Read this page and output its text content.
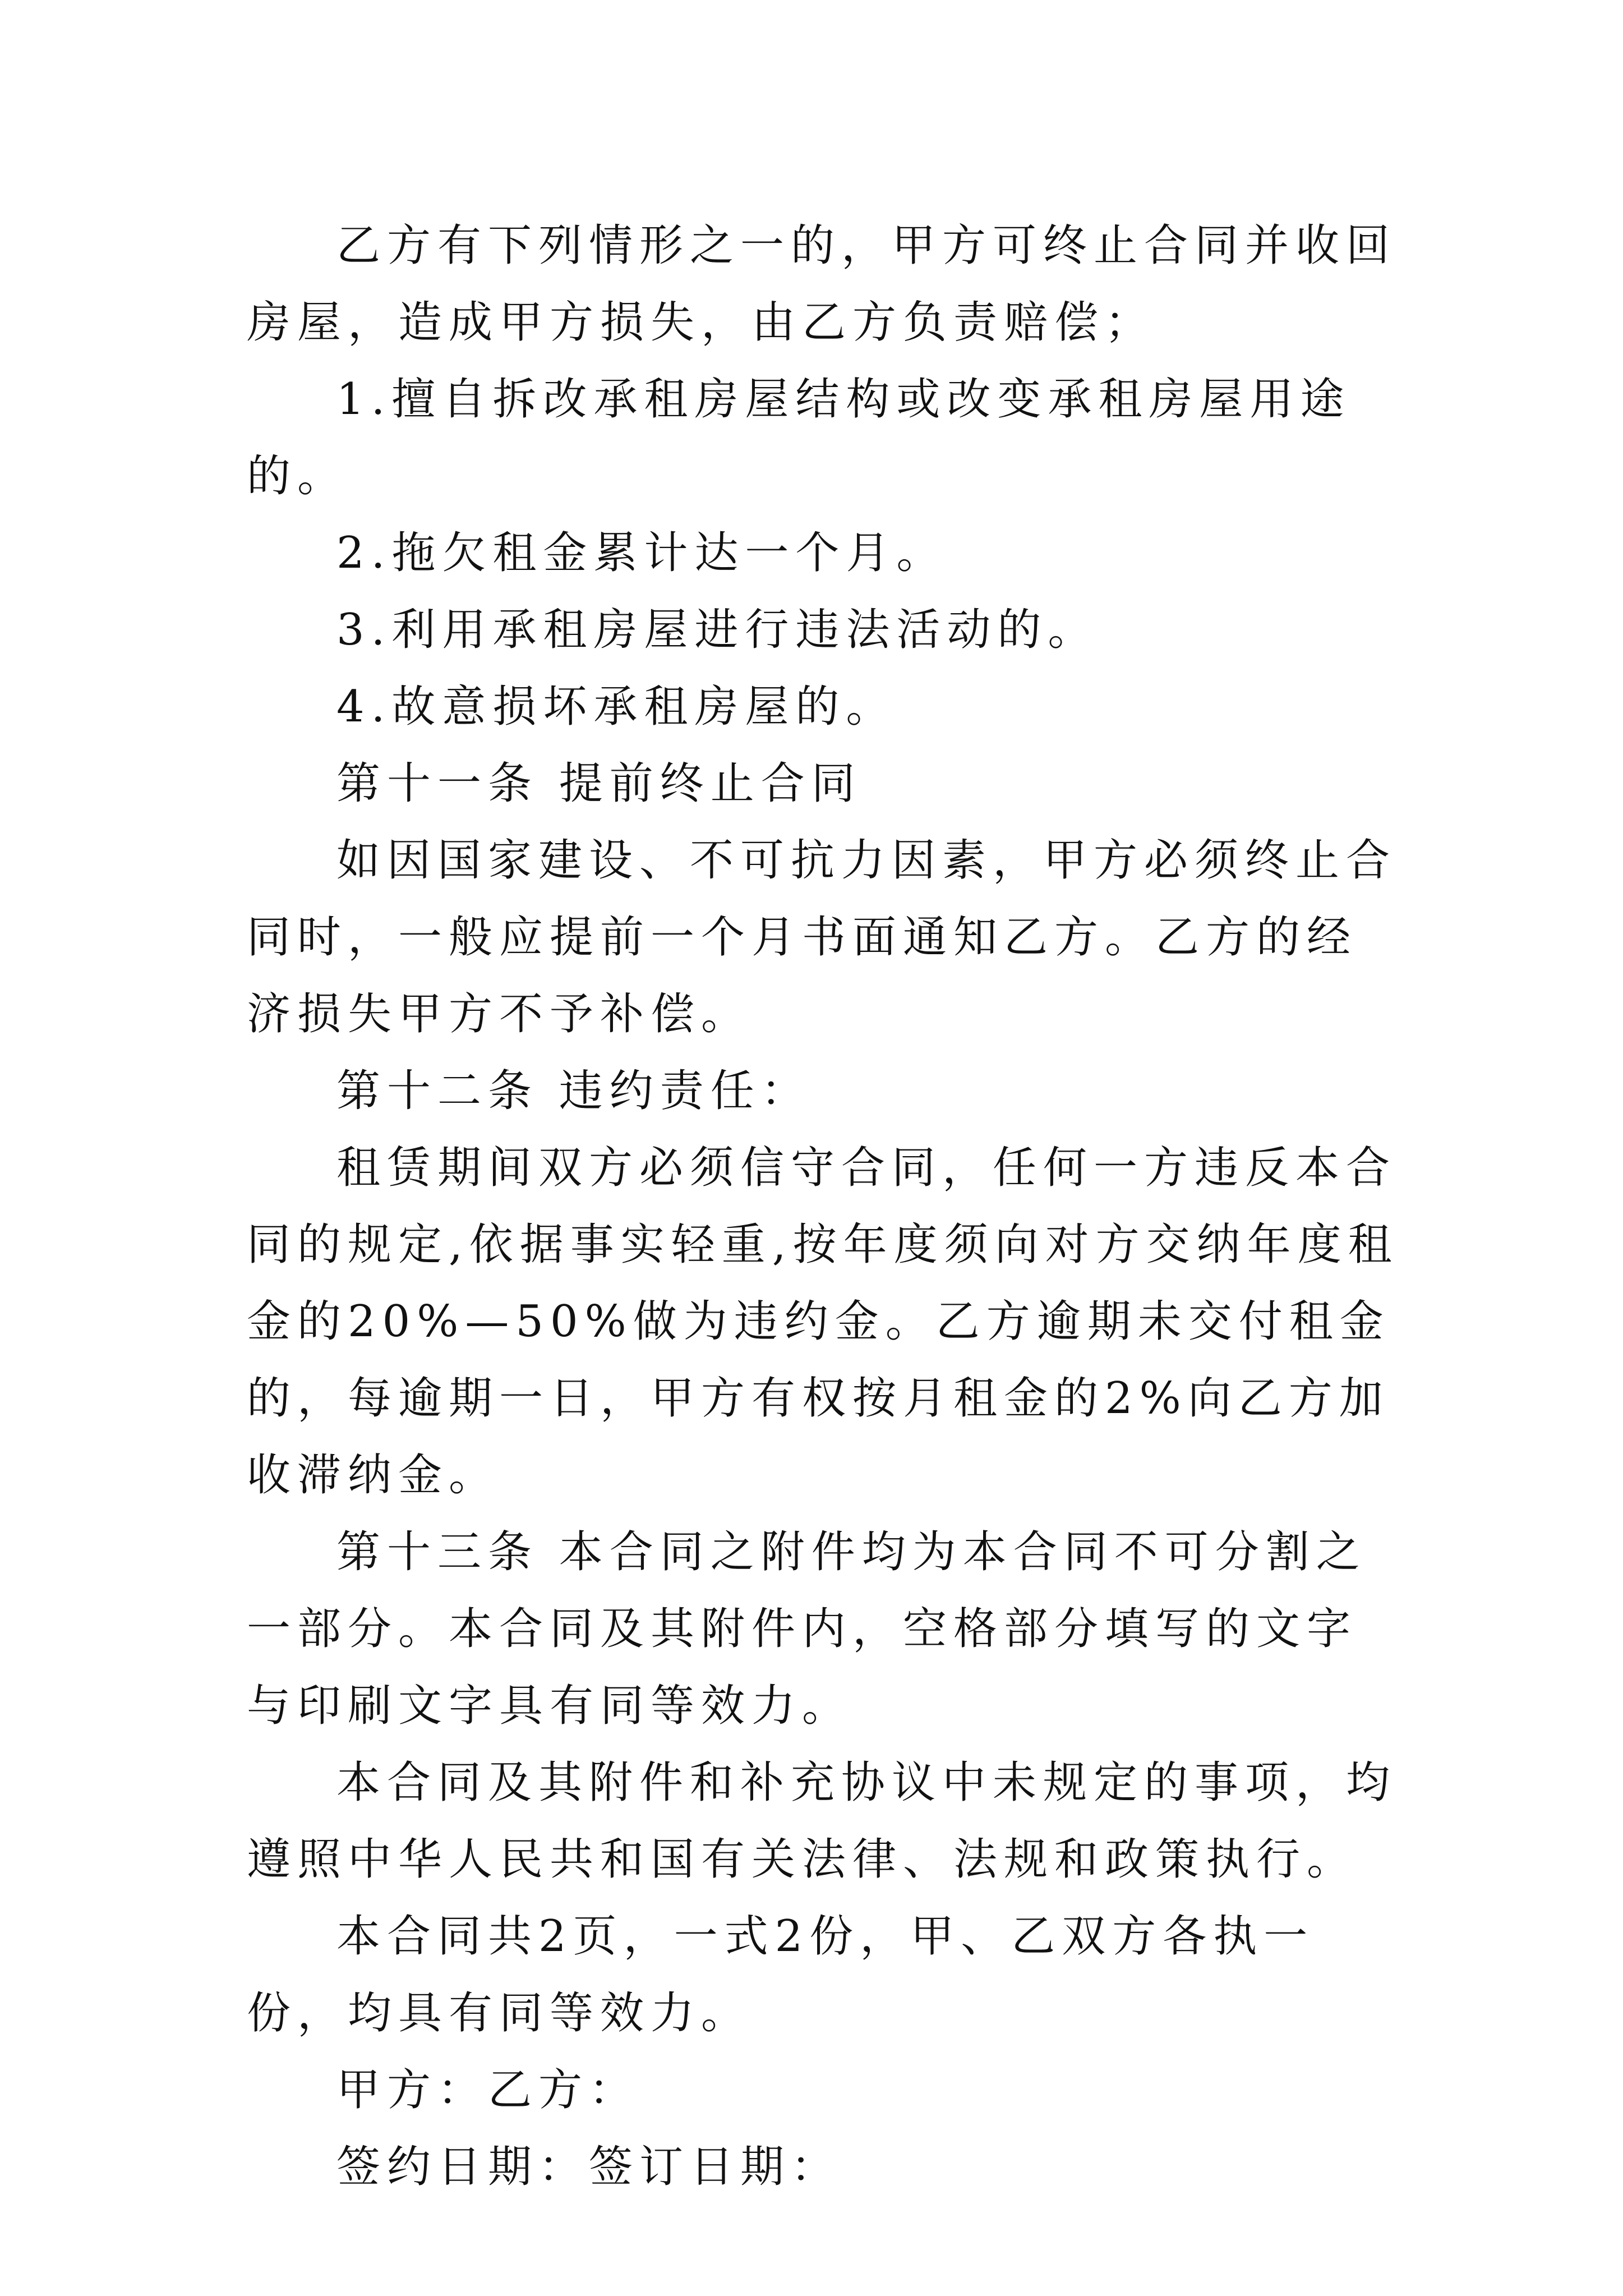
乙方有下列情形之一的，甲方可终止合同并收回房屋，造成甲方损失，由乙方负责赔偿；

1.擅自拆改承租房屋结构或改变承租房屋用途的。

2.拖欠租金累计达一个月。

3.利用承租房屋进行违法活动的。

4.故意损坏承租房屋的。

第十一条 提前终止合同

如因国家建设、不可抗力因素，甲方必须终止合同时，一般应提前一个月书面通知乙方。乙方的经济损失甲方不予补偿。

第十二条 违约责任：

租赁期间双方必须信守合同，任何一方违反本合同的规定,依据事实轻重,按年度须向对方交纳年度租金的20%—50%做为违约金。乙方逾期未交付租金的，每逾期一日，甲方有权按月租金的2%向乙方加收滞纳金。

第十三条 本合同之附件均为本合同不可分割之一部分。本合同及其附件内，空格部分填写的文字与印刷文字具有同等效力。

本合同及其附件和补充协议中未规定的事项，均遵照中华人民共和国有关法律、法规和政策执行。

本合同共2页，一式2份，甲、乙双方各执一份，均具有同等效力。

甲方：乙方：

签约日期：签订日期：
